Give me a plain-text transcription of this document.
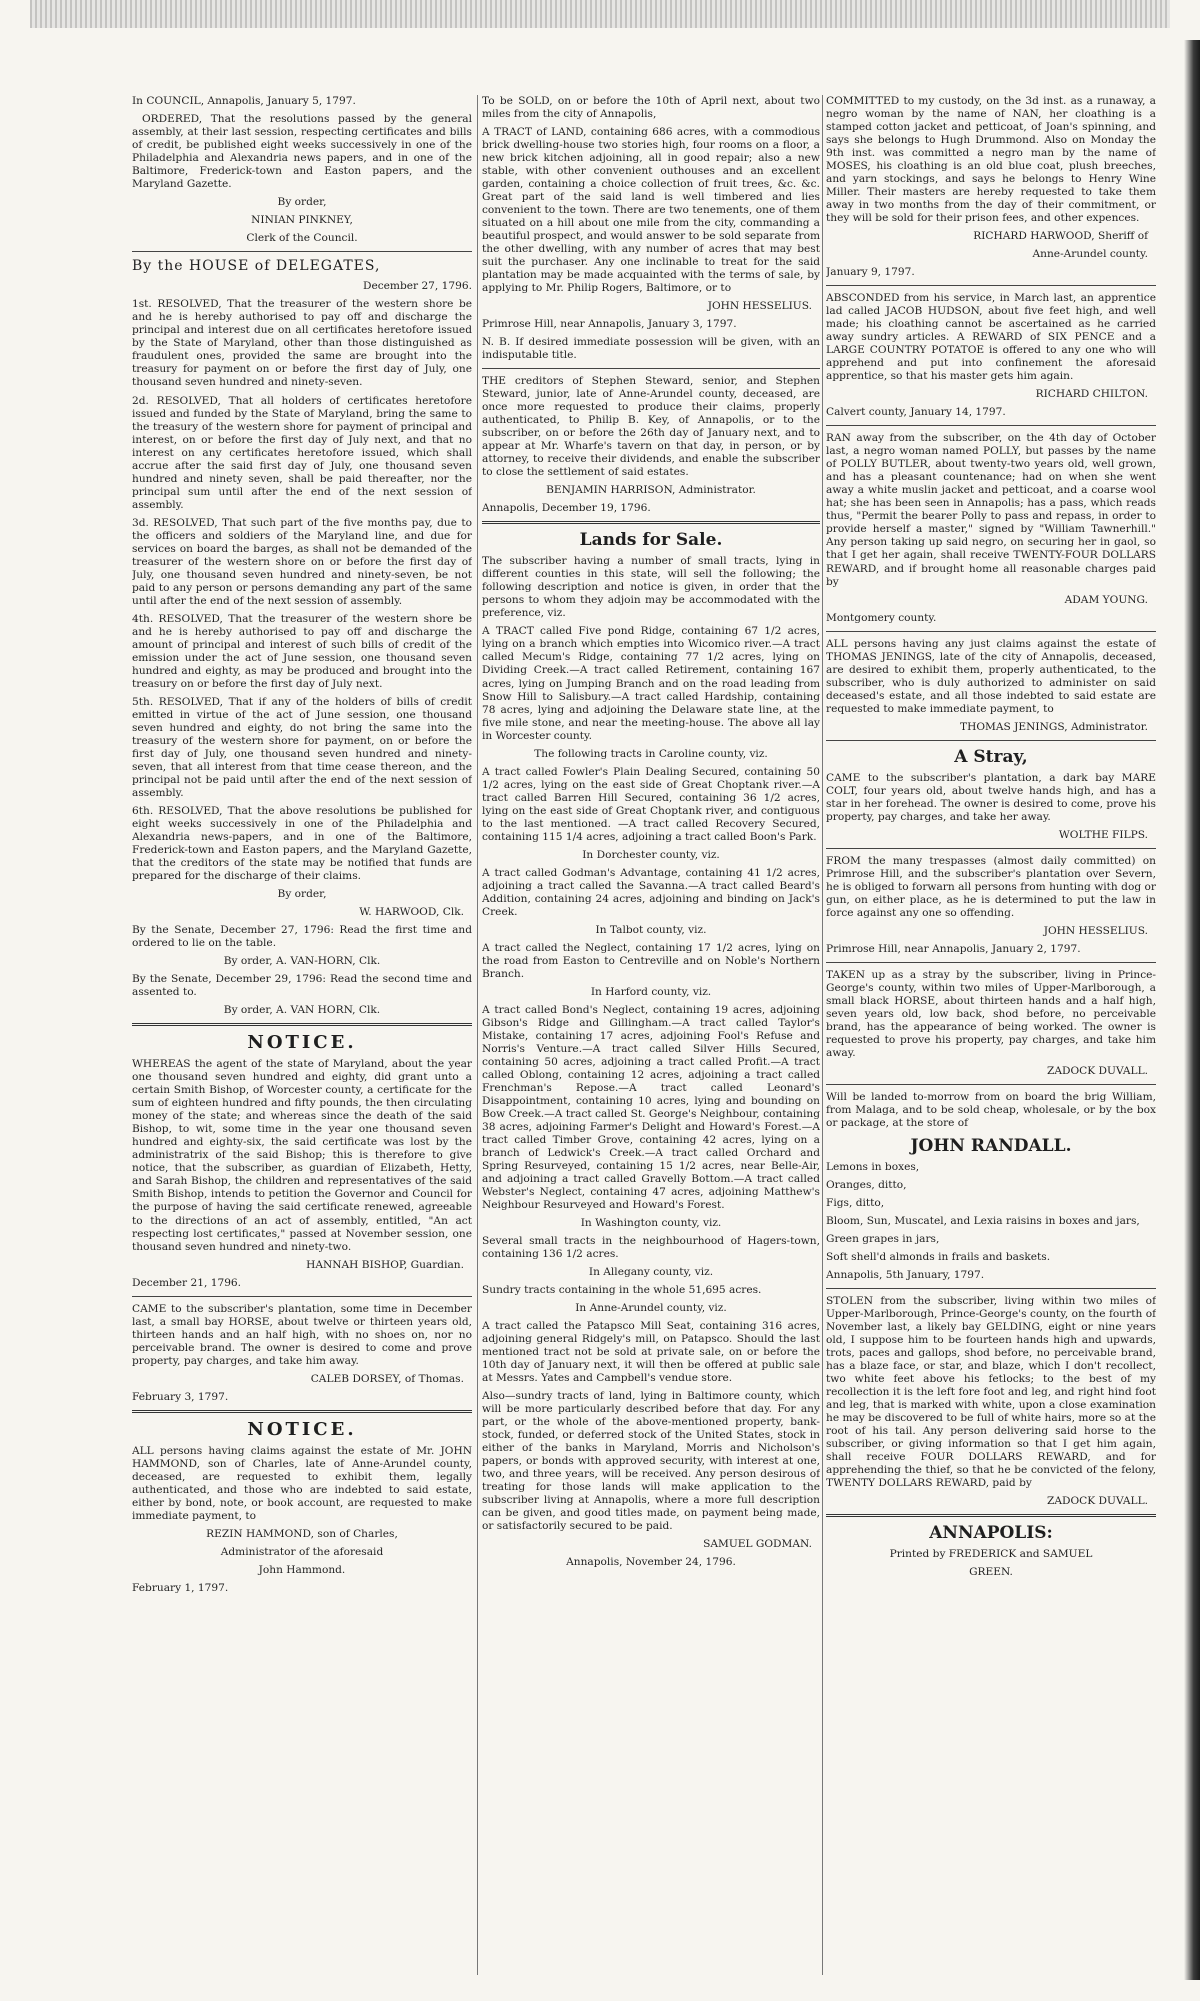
In COUNCIL, Annapolis, January 5, 1797.

ORDERED, That the resolutions passed by the general assembly, at their last session, respecting certificates and bills of credit, be published eight weeks successively in one of the Philadelphia and Alexandria news papers, and in one of the Baltimore, Frederick-town and Easton papers, and the Maryland Gazette.

By order,

NINIAN PINKNEY,

Clerk of the Council.

By the HOUSE of DELEGATES,

December 27, 1796.

1st. RESOLVED, That the treasurer of the western shore be and he is hereby authorised to pay off and discharge the principal and interest due on all certificates heretofore issued by the State of Maryland, other than those distinguished as fraudulent ones, provided the same are brought into the treasury for payment on or before the first day of July, one thousand seven hundred and ninety-seven.

2d. RESOLVED, That all holders of certificates heretofore issued and funded by the State of Maryland, bring the same to the treasury of the western shore for payment of principal and interest, on or before the first day of July next, and that no interest on any certificates heretofore issued, which shall accrue after the said first day of July, one thousand seven hundred and ninety seven, shall be paid thereafter, nor the principal sum until after the end of the next session of assembly.

3d. RESOLVED, That such part of the five months pay, due to the officers and soldiers of the Maryland line, and due for services on board the barges, as shall not be demanded of the treasurer of the western shore on or before the first day of July, one thousand seven hundred and ninety-seven, be not paid to any person or persons demanding any part of the same until after the end of the next session of assembly.

4th. RESOLVED, That the treasurer of the western shore be and he is hereby authorised to pay off and discharge the amount of principal and interest of such bills of credit of the emission under the act of June session, one thousand seven hundred and eighty, as may be produced and brought into the treasury on or before the first day of July next.

5th. RESOLVED, That if any of the holders of bills of credit emitted in virtue of the act of June session, one thousand seven hundred and eighty, do not bring the same into the treasury of the western shore for payment, on or before the first day of July, one thousand seven hundred and ninety-seven, that all interest from that time cease thereon, and the principal not be paid until after the end of the next session of assembly.

6th. RESOLVED, That the above resolutions be published for eight weeks successively in one of the Philadelphia and Alexandria news-papers, and in one of the Baltimore, Frederick-town and Easton papers, and the Maryland Gazette, that the creditors of the state may be notified that funds are prepared for the discharge of their claims.

By order,

W. HARWOOD, Clk.

By the Senate, December 27, 1796: Read the first time and ordered to lie on the table.

By order, A. VAN-HORN, Clk.

By the Senate, December 29, 1796: Read the second time and assented to.

By order, A. VAN HORN, Clk.

NOTICE.

WHEREAS the agent of the state of Maryland, about the year one thousand seven hundred and eighty, did grant unto a certain Smith Bishop, of Worcester county, a certificate for the sum of eighteen hundred and fifty pounds, the then circulating money of the state; and whereas since the death of the said Bishop, to wit, some time in the year one thousand seven hundred and eighty-six, the said certificate was lost by the administratrix of the said Bishop; this is therefore to give notice, that the subscriber, as guardian of Elizabeth, Hetty, and Sarah Bishop, the children and representatives of the said Smith Bishop, intends to petition the Governor and Council for the purpose of having the said certificate renewed, agreeable to the directions of an act of assembly, entitled, "An act respecting lost certificates," passed at November session, one thousand seven hundred and ninety-two.

HANNAH BISHOP, Guardian.

December 21, 1796.

CAME to the subscriber's plantation, some time in December last, a small bay HORSE, about twelve or thirteen years old, thirteen hands and an half high, with no shoes on, nor no perceivable brand. The owner is desired to come and prove property, pay charges, and take him away.

CALEB DORSEY, of Thomas.

February 3, 1797.

NOTICE.

ALL persons having claims against the estate of Mr. JOHN HAMMOND, son of Charles, late of Anne-Arundel county, deceased, are requested to exhibit them, legally authenticated, and those who are indebted to said estate, either by bond, note, or book account, are requested to make immediate payment, to

REZIN HAMMOND, son of Charles,

Administrator of the aforesaid

John Hammond.

February 1, 1797.

To be SOLD, on or before the 10th of April next, about two miles from the city of Annapolis,

A TRACT of LAND, containing 686 acres, with a commodious brick dwelling-house two stories high, four rooms on a floor, a new brick kitchen adjoining, all in good repair; also a new stable, with other convenient outhouses and an excellent garden, containing a choice collection of fruit trees, &c. &c. Great part of the said land is well timbered and lies convenient to the town. There are two tenements, one of them situated on a hill about one mile from the city, commanding a beautiful prospect, and would answer to be sold separate from the other dwelling, with any number of acres that may best suit the purchaser. Any one inclinable to treat for the said plantation may be made acquainted with the terms of sale, by applying to Mr. Philip Rogers, Baltimore, or to

JOHN HESSELIUS.

Primrose Hill, near Annapolis, January 3, 1797.

N. B. If desired immediate possession will be given, with an indisputable title.

THE creditors of Stephen Steward, senior, and Stephen Steward, junior, late of Anne-Arundel county, deceased, are once more requested to produce their claims, properly authenticated, to Philip B. Key, of Annapolis, or to the subscriber, on or before the 26th day of January next, and to appear at Mr. Wharfe's tavern on that day, in person, or by attorney, to receive their dividends, and enable the subscriber to close the settlement of said estates.

BENJAMIN HARRISON, Administrator.

Annapolis, December 19, 1796.

Lands for Sale.

The subscriber having a number of small tracts, lying in different counties in this state, will sell the following; the following description and notice is given, in order that the persons to whom they adjoin may be accommodated with the preference, viz.

A TRACT called Five pond Ridge, containing 67 1/2 acres, lying on a branch which empties into Wicomico river.—A tract called Mecum's Ridge, containing 77 1/2 acres, lying on Dividing Creek.—A tract called Retirement, containing 167 acres, lying on Jumping Branch and on the road leading from Snow Hill to Salisbury.—A tract called Hardship, containing 78 acres, lying and adjoining the Delaware state line, at the five mile stone, and near the meeting-house. The above all lay in Worcester county.

The following tracts in Caroline county, viz.

A tract called Fowler's Plain Dealing Secured, containing 50 1/2 acres, lying on the east side of Great Choptank river.—A tract called Barren Hill Secured, containing 36 1/2 acres, lying on the east side of Great Choptank river, and contiguous to the last mentioned. —A tract called Recovery Secured, containing 115 1/4 acres, adjoining a tract called Boon's Park.

In Dorchester county, viz.

A tract called Godman's Advantage, containing 41 1/2 acres, adjoining a tract called the Savanna.—A tract called Beard's Addition, containing 24 acres, adjoining and binding on Jack's Creek.

In Talbot county, viz.

A tract called the Neglect, containing 17 1/2 acres, lying on the road from Easton to Centreville and on Noble's Northern Branch.

In Harford county, viz.

A tract called Bond's Neglect, containing 19 acres, adjoining Gibson's Ridge and Gillingham.—A tract called Taylor's Mistake, containing 17 acres, adjoining Fool's Refuse and Norris's Venture.—A tract called Silver Hills Secured, containing 50 acres, adjoining a tract called Profit.—A tract called Oblong, containing 12 acres, adjoining a tract called Frenchman's Repose.—A tract called Leonard's Disappointment, containing 10 acres, lying and bounding on Bow Creek.—A tract called St. George's Neighbour, containing 38 acres, adjoining Farmer's Delight and Howard's Forest.—A tract called Timber Grove, containing 42 acres, lying on a branch of Ledwick's Creek.—A tract called Orchard and Spring Resurveyed, containing 15 1/2 acres, near Belle-Air, and adjoining a tract called Gravelly Bottom.—A tract called Webster's Neglect, containing 47 acres, adjoining Matthew's Neighbour Resurveyed and Howard's Forest.

In Washington county, viz.

Several small tracts in the neighbourhood of Hagers-town, containing 136 1/2 acres.

In Allegany county, viz.

Sundry tracts containing in the whole 51,695 acres.

In Anne-Arundel county, viz.

A tract called the Patapsco Mill Seat, containing 316 acres, adjoining general Ridgely's mill, on Patapsco. Should the last mentioned tract not be sold at private sale, on or before the 10th day of January next, it will then be offered at public sale at Messrs. Yates and Campbell's vendue store.

Also—sundry tracts of land, lying in Baltimore county, which will be more particularly described before that day. For any part, or the whole of the above-mentioned property, bank-stock, funded, or deferred stock of the United States, stock in either of the banks in Maryland, Morris and Nicholson's papers, or bonds with approved security, with interest at one, two, and three years, will be received. Any person desirous of treating for those lands will make application to the subscriber living at Annapolis, where a more full description can be given, and good titles made, on payment being made, or satisfactorily secured to be paid.

SAMUEL GODMAN.

Annapolis, November 24, 1796.

COMMITTED to my custody, on the 3d inst. as a runaway, a negro woman by the name of NAN, her cloathing is a stamped cotton jacket and petticoat, of Joan's spinning, and says she belongs to Hugh Drummond. Also on Monday the 9th inst. was committed a negro man by the name of MOSES, his cloathing is an old blue coat, plush breeches, and yarn stockings, and says he belongs to Henry Wine Miller. Their masters are hereby requested to take them away in two months from the day of their commitment, or they will be sold for their prison fees, and other expences.

RICHARD HARWOOD, Sheriff of

Anne-Arundel county.

January 9, 1797.

ABSCONDED from his service, in March last, an apprentice lad called JACOB HUDSON, about five feet high, and well made; his cloathing cannot be ascertained as he carried away sundry articles. A REWARD of SIX PENCE and a LARGE COUNTRY POTATOE is offered to any one who will apprehend and put into confinement the aforesaid apprentice, so that his master gets him again.

RICHARD CHILTON.

Calvert county, January 14, 1797.

RAN away from the subscriber, on the 4th day of October last, a negro woman named POLLY, but passes by the name of POLLY BUTLER, about twenty-two years old, well grown, and has a pleasant countenance; had on when she went away a white muslin jacket and petticoat, and a coarse wool hat; she has been seen in Annapolis; has a pass, which reads thus, "Permit the bearer Polly to pass and repass, in order to provide herself a master," signed by "William Tawnerhill." Any person taking up said negro, on securing her in gaol, so that I get her again, shall receive TWENTY-FOUR DOLLARS REWARD, and if brought home all reasonable charges paid by

ADAM YOUNG.

Montgomery county.

ALL persons having any just claims against the estate of THOMAS JENINGS, late of the city of Annapolis, deceased, are desired to exhibit them, properly authenticated, to the subscriber, who is duly authorized to administer on said deceased's estate, and all those indebted to said estate are requested to make immediate payment, to

THOMAS JENINGS, Administrator.

A Stray,

CAME to the subscriber's plantation, a dark bay MARE COLT, four years old, about twelve hands high, and has a star in her forehead. The owner is desired to come, prove his property, pay charges, and take her away.

WOLTHE FILPS.

FROM the many trespasses (almost daily committed) on Primrose Hill, and the subscriber's plantation over Severn, he is obliged to forwarn all persons from hunting with dog or gun, on either place, as he is determined to put the law in force against any one so offending.

JOHN HESSELIUS.

Primrose Hill, near Annapolis, January 2, 1797.

TAKEN up as a stray by the subscriber, living in Prince-George's county, within two miles of Upper-Marlborough, a small black HORSE, about thirteen hands and a half high, seven years old, low back, shod before, no perceivable brand, has the appearance of being worked. The owner is requested to prove his property, pay charges, and take him away.

ZADOCK DUVALL.

Will be landed to-morrow from on board the brig William, from Malaga, and to be sold cheap, wholesale, or by the box or package, at the store of

JOHN RANDALL.

Lemons in boxes,

Oranges, ditto,

Figs, ditto,

Bloom, Sun, Muscatel, and Lexia raisins in boxes and jars,

Green grapes in jars,

Soft shell'd almonds in frails and baskets.

Annapolis, 5th January, 1797.

STOLEN from the subscriber, living within two miles of Upper-Marlborough, Prince-George's county, on the fourth of November last, a likely bay GELDING, eight or nine years old, I suppose him to be fourteen hands high and upwards, trots, paces and gallops, shod before, no perceivable brand, has a blaze face, or star, and blaze, which I don't recollect, two white feet above his fetlocks; to the best of my recollection it is the left fore foot and leg, and right hind foot and leg, that is marked with white, upon a close examination he may be discovered to be full of white hairs, more so at the root of his tail. Any person delivering said horse to the subscriber, or giving information so that I get him again, shall receive FOUR DOLLARS REWARD, and for apprehending the thief, so that he be convicted of the felony, TWENTY DOLLARS REWARD, paid by

ZADOCK DUVALL.

ANNAPOLIS:

Printed by FREDERICK and SAMUEL

GREEN.
